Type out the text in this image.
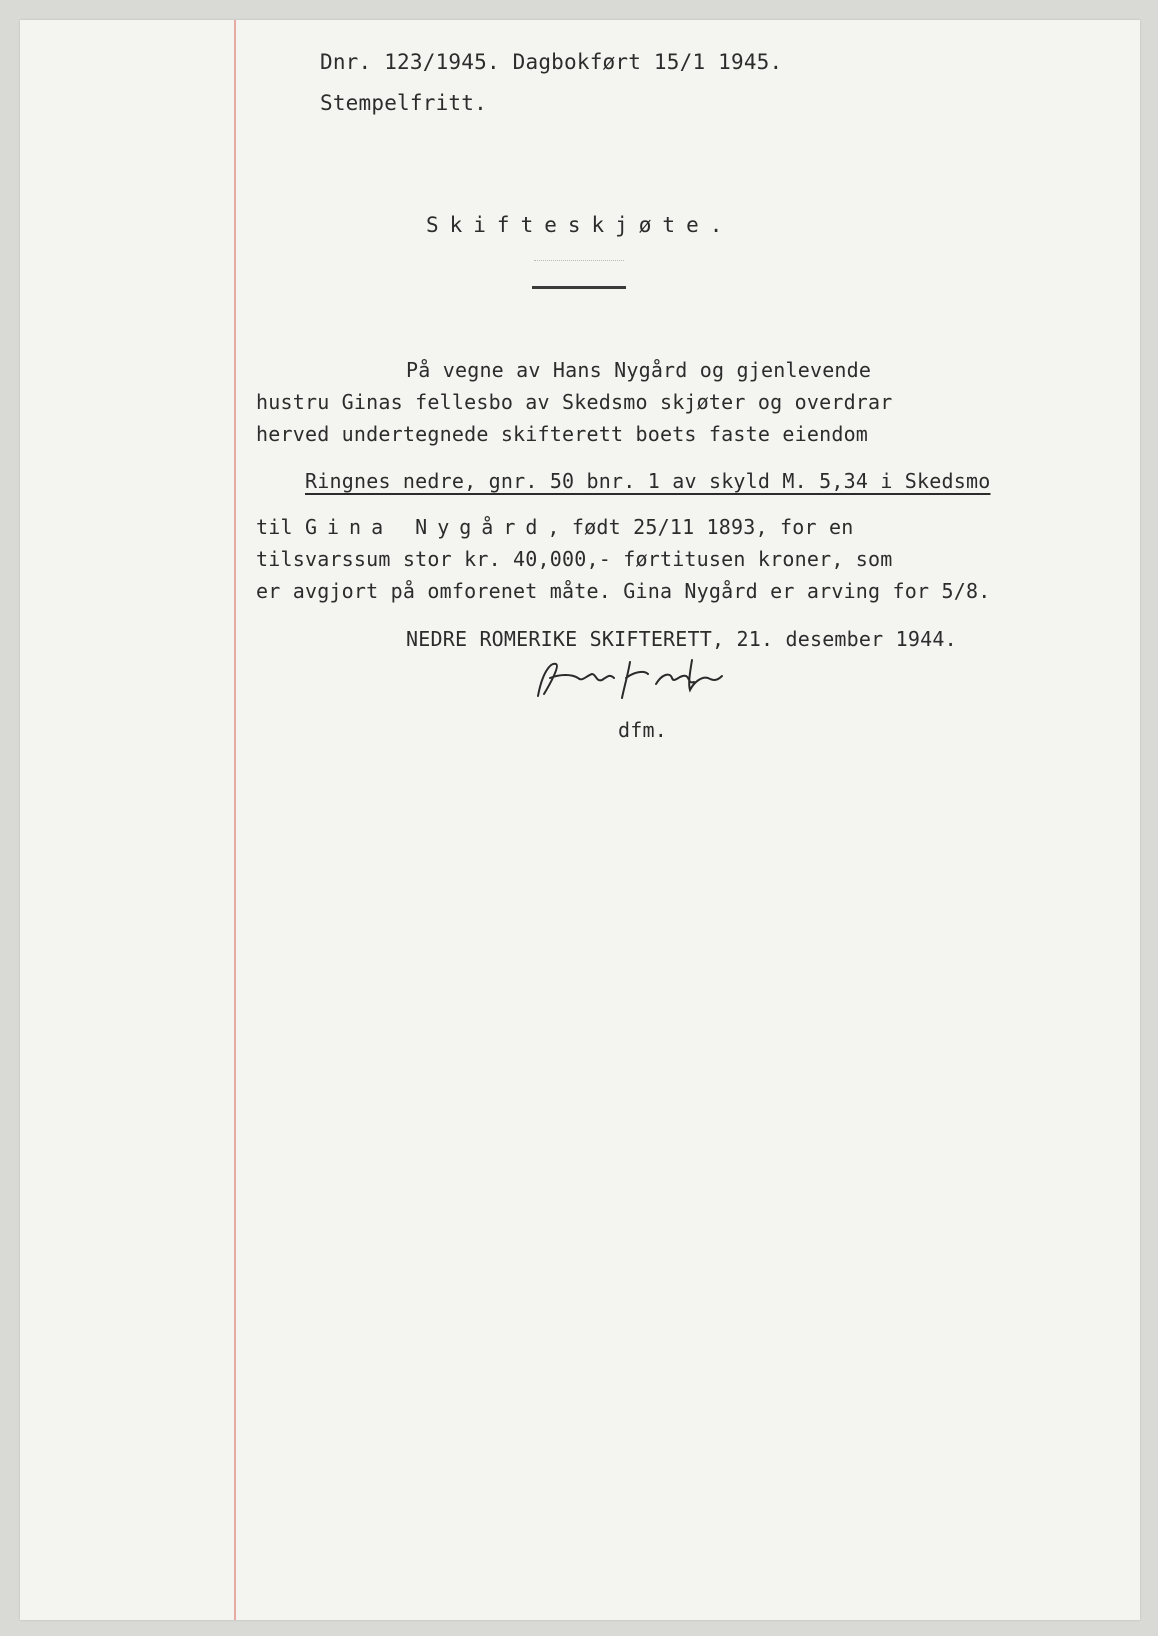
Dnr. 123/1945. Dagbokført 15/1 1945.
Stempelfritt.
Skifteskjøte.
På vegne av Hans Nygård og gjenlevende
hustru Ginas fellesbo av Skedsmo skjøter og overdrar
herved undertegnede skifterett boets faste eiendom
Ringnes nedre, gnr. 50 bnr. 1 av skyld M. 5,34 i Skedsmo
til Gina Nygård, født 25/11 1893, for en
tilsvarssum stor kr. 40,000,- førtitusen kroner, som
er avgjort på omforenet måte. Gina Nygård er arving for 5/8.
NEDRE ROMERIKE SKIFTERETT, 21. desember 1944.
dfm.
